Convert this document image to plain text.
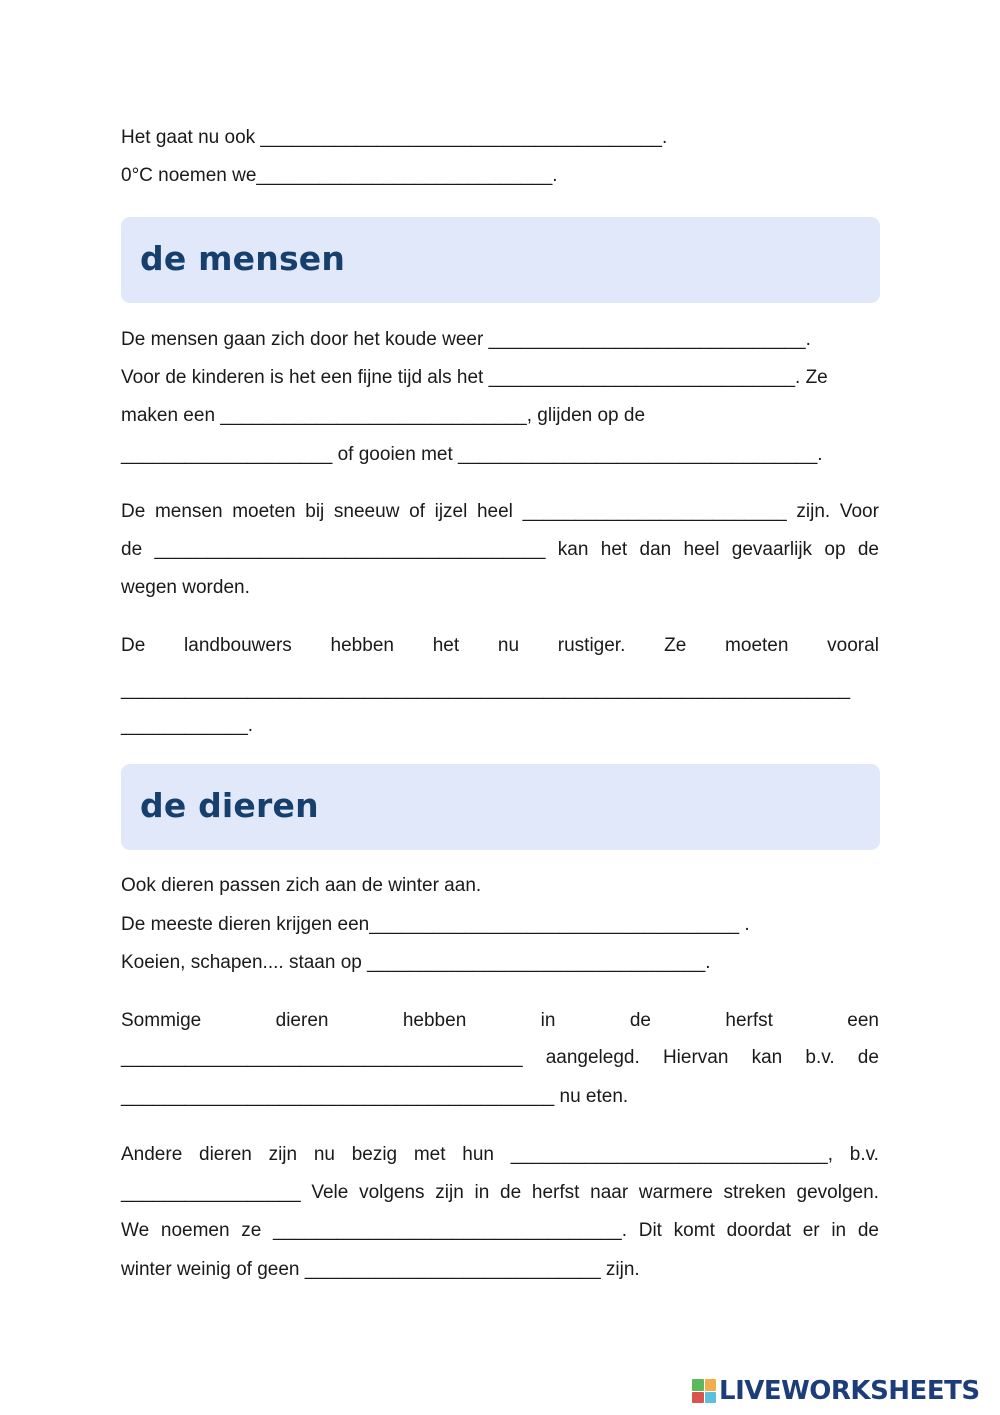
Het gaat nu ook ______________________________________.
0°C noemen we____________________________.
de mensen
De mensen gaan zich door het koude weer ______________________________.
Voor de kinderen is het een fijne tijd als het _____________________________. Ze
maken een _____________________________, glijden op de
____________________ of gooien met __________________________________.
De mensen moeten bij sneeuw of ijzel heel _________________________ zijn. Voor
de _____________________________________ kan het dan heel gevaarlijk op de
wegen worden.
De landbouwers hebben het nu rustiger. Ze moeten vooral
_____________________________________________________________________
____________.
de dieren
Ook dieren passen zich aan de winter aan.
De meeste dieren krijgen een___________________________________ .
Koeien, schapen.... staan op ________________________________.
Sommige	dieren	hebben	in	de	herfst	een
______________________________________ aangelegd. Hiervan kan b.v. de
_________________________________________ nu eten.
Andere dieren zijn nu bezig met hun ______________________________, b.v.
_________________ Vele volgens zijn in de herfst naar warmere streken gevolgen.
We noemen ze _________________________________. Dit komt doordat er in de
winter weinig of geen ____________________________ zijn.
LIVEWORKSHEETS
